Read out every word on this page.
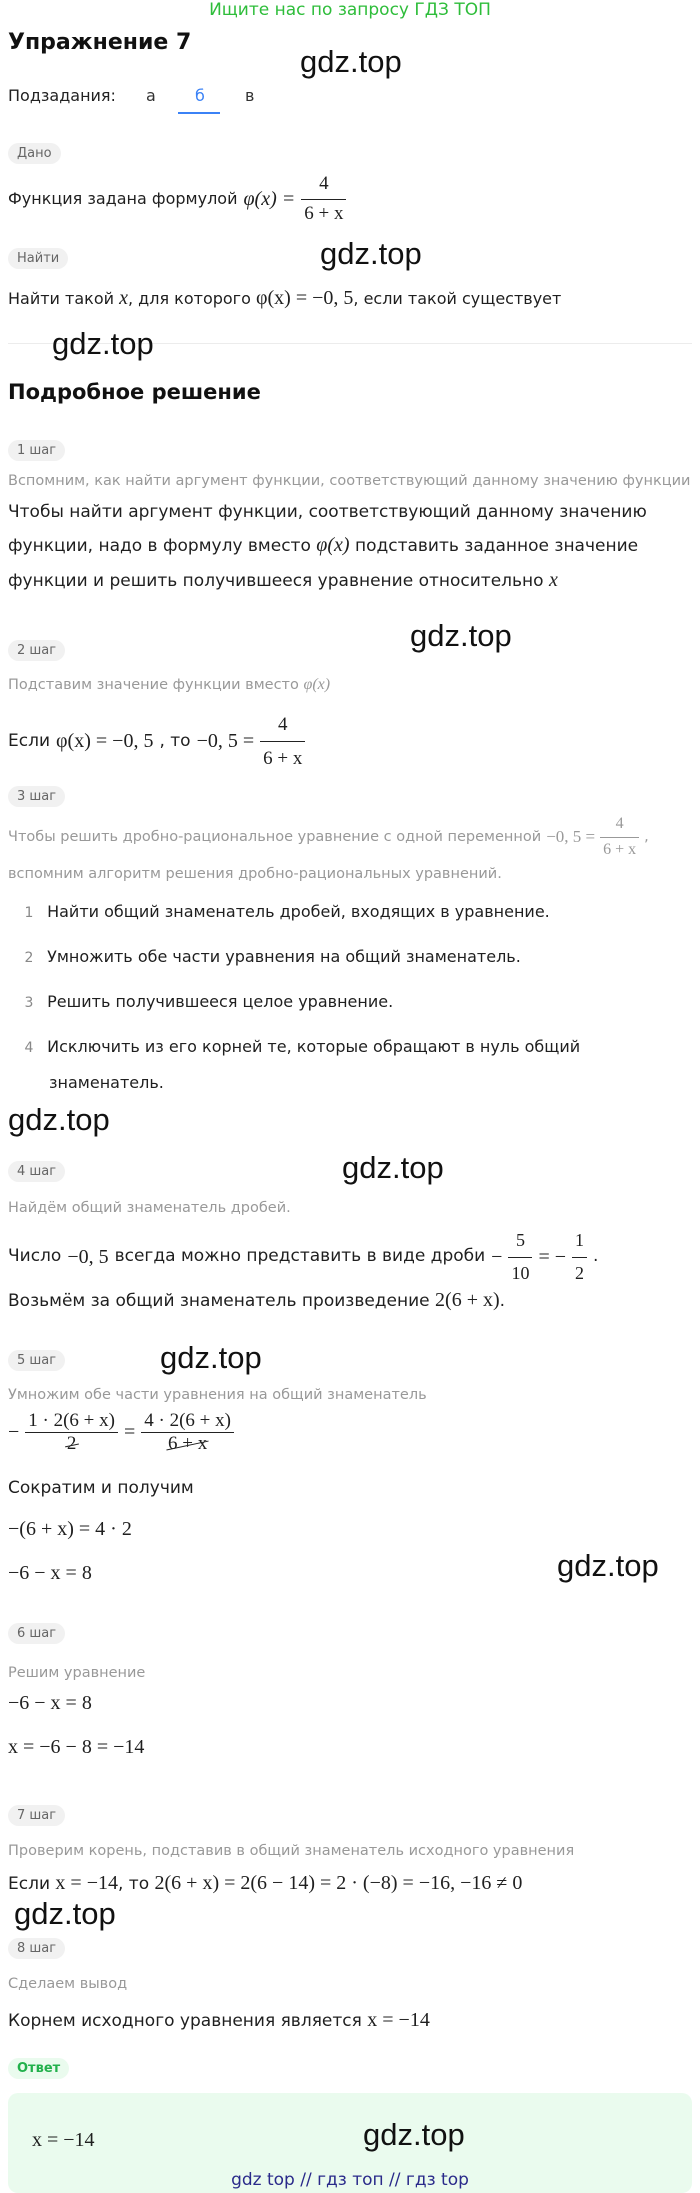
Ищите нас по запросу ГДЗ ТОП
Упражнение 7
gdz.top
Подзадания: а б	в
Дано
Функция задана формулой $\varphi(x) = \frac{4}{6 + x}$
Найти	gdz.top
Найти такой x, для которого φ(x) = −0, 5, если такой существует
gdz.top
Подробное решение
1 шаг
Вспомним, как найти аргумент функции, соответствующий данному значению функции
Чтобы найти аргумент функции, соответствующий данному значению
функции, надо в формулу вместо φ(x) подставить заданное значение
функции и решить получившееся уравнение относительно x
gdz.top
2 шаг
Подставим значение функции вместо φ(x)
Если φ(x) = −0, 5 , то −0, $5 = \frac{4}{6 + x}$
3 шаг
Чтобы решить дробно-рациональное уравнение с одной переменной −0, $5 = \frac{4}{6 + x}$ ,
вспомним алгоритм решения дробно-рациональных уравнений.
1 Найти общий знаменатель дробей, входящих в уравнение.
2 Умножить обе части уравнения на общий знаменатель.
3 Решить получившееся целое уравнение.
4 Исключить из его корней те, которые обращают в нуль общий
знаменатель.
gdz.top
4 шаг	gdz.top
Найдём общий знаменатель дробей.
Число −0, 5 всегда можно представить в виде дроби − $\frac{5}{10}$ = − $\frac{1}{2}$ .
Возьмём за общий знаменатель произведение 2(6 + x).
5 шаг	gdz.top
Умножим обе части уравнения на общий знаменатель
− $\frac{1 \cdot 2(6 + x)}{2} = \frac{4 \cdot 2(6 + x)}{6 + x}$
Сократим и получим
−(6 + x) = 4 · 2
−6 − x = 8	gdz.top
6 шаг
Решим уравнение
−6 − x = 8
x = −6 − 8 = −14
7 шаг
Проверим корень, подставив в общий знаменатель исходного уравнения
Если x = −14, то 2(6 + x) = 2(6 − 14) = 2 · (−8) = −16, −16 ≠ 0
gdz.top
8 шаг
Сделаем вывод
Корнем исходного уравнения является x = −14
Ответ
x = −14	gdz.top
gdz top // гдз топ // гдз top
